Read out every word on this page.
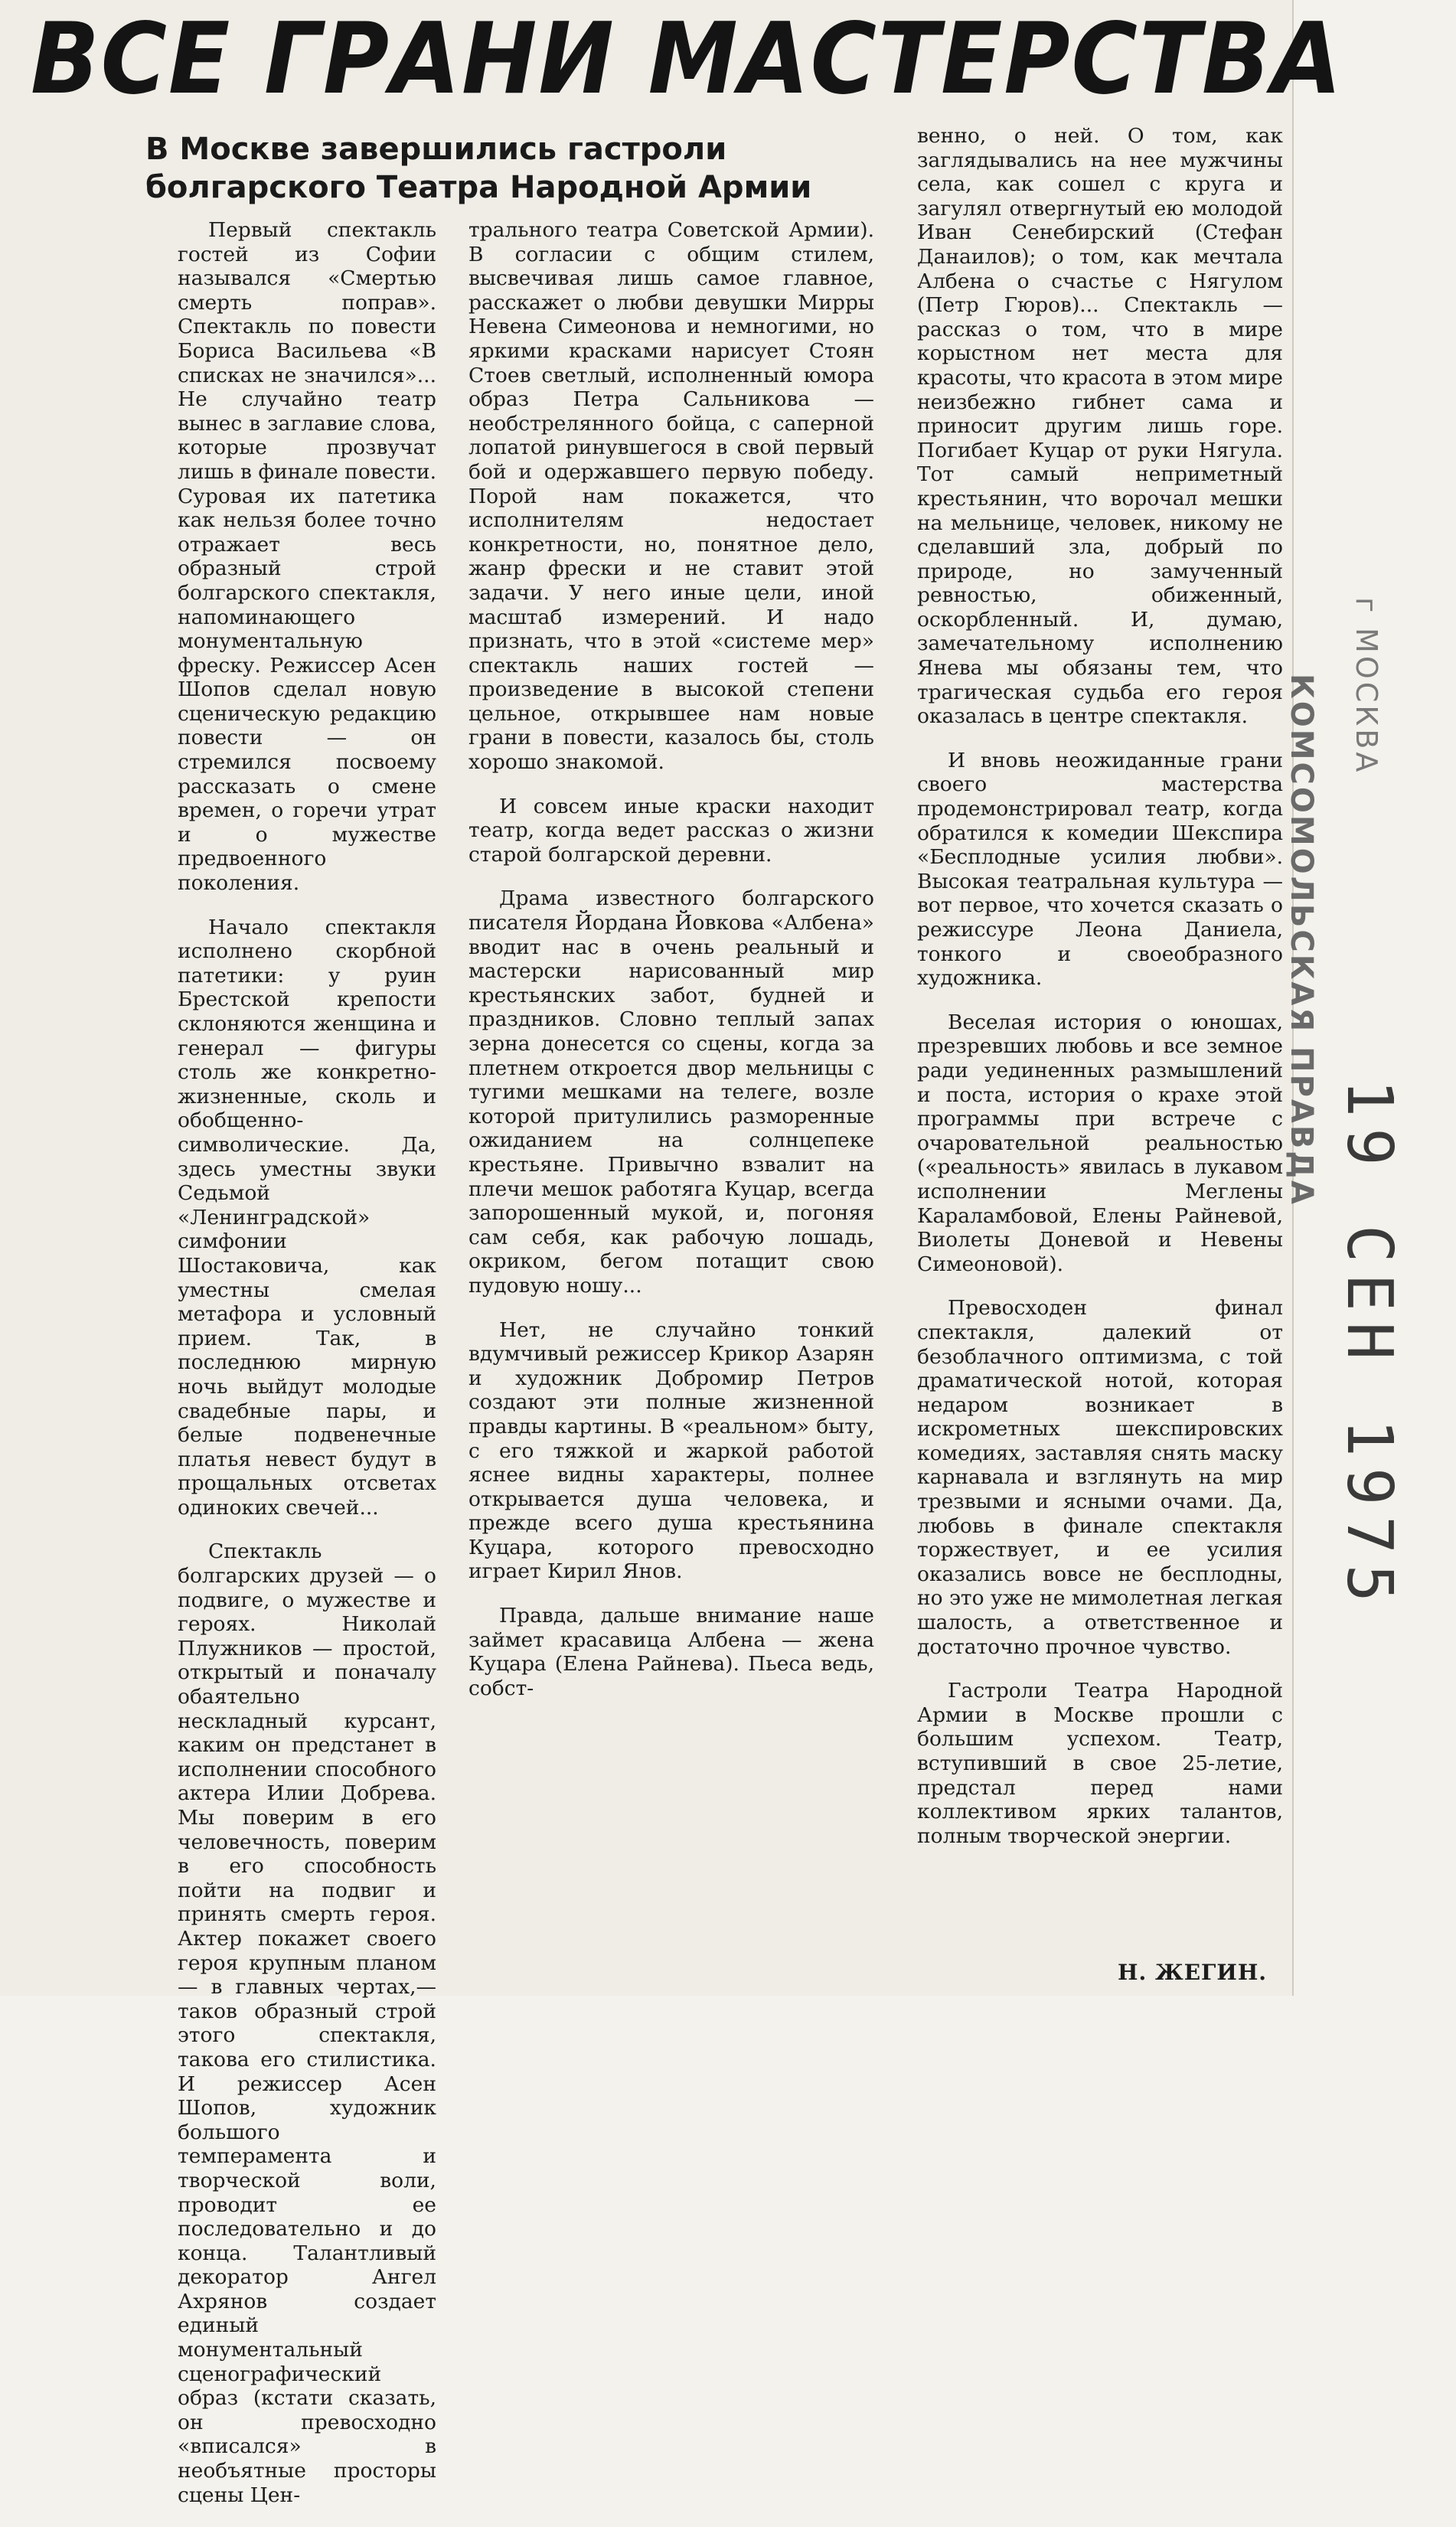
ВСЕ ГРАНИ МАСТЕРСТВА
В Москве завершились гастроли болгарского Театра Народной Армии

Первый спектакль гостей из Софии назывался «Смертью смерть поправ». Спектакль по повести Бориса Васильева «В списках не значился»... Не случайно театр вынес в заглавие слова, которые прозвучат лишь в финале повести. Суровая их патетика как нельзя более точно отражает весь образный строй болгарского спектакля, напоминающего монументальную фреску. Режиссер Асен Шопов сделал новую сценическую редакцию повести — он стремился посвоему рассказать о смене времен, о горечи утрат и о мужестве предвоенного поколения.

Начало спектакля исполнено скорбной патетики: у руин Брестской крепости склоняются женщина и генерал — фигуры столь же конкретно-жизненные, сколь и обобщенно-символические. Да, здесь уместны звуки Седьмой «Ленинградской» симфонии Шостаковича, как уместны смелая метафора и условный прием. Так, в последнюю мирную ночь выйдут молодые свадебные пары, и белые подвенечные платья невест будут в прощальных отсветах одиноких свечей...

Спектакль болгарских друзей — о подвиге, о мужестве и героях. Николай Плужников — простой, открытый и поначалу обаятельно нескладный курсант, каким он предстанет в исполнении способного актера Илии Добрева. Мы поверим в его человечность, поверим в его способность пойти на подвиг и принять смерть героя. Актер покажет своего героя крупным планом — в главных чертах,— таков образный строй этого спектакля, такова его стилистика. И режиссер Асен Шопов, художник большого темперамента и творческой воли, проводит ее последовательно и до конца. Талантливый декоратор Ангел Ахрянов создает единый монументальный сценографический образ (кстати сказать, он превосходно «вписался» в необъятные просторы сцены Цен-

трального театра Советской Армии). В согласии с общим стилем, высвечивая лишь самое главное, расскажет о любви девушки Мирры Невена Симеонова и немногими, но яркими красками нарисует Стоян Стоев светлый, исполненный юмора образ Петра Сальникова — необстрелянного бойца, с саперной лопатой ринувшегося в свой первый бой и одержавшего первую победу. Порой нам покажется, что исполнителям недостает конкретности, но, понятное дело, жанр фрески и не ставит этой задачи. У него иные цели, иной масштаб измерений. И надо признать, что в этой «системе мер» спектакль наших гостей — произведение в высокой степени цельное, открывшее нам новые грани в повести, казалось бы, столь хорошо знакомой.

И совсем иные краски находит театр, когда ведет рассказ о жизни старой болгарской деревни.

Драма известного болгарского писателя Йордана Йовкова «Албена» вводит нас в очень реальный и мастерски нарисованный мир крестьянских забот, будней и праздников. Словно теплый запах зерна донесется со сцены, когда за плетнем откроется двор мельницы с тугими мешками на телеге, возле которой притулились разморенные ожиданием на солнцепеке крестьяне. Привычно взвалит на плечи мешок работяга Куцар, всегда запорошенный мукой, и, погоняя сам себя, как рабочую лошадь, окриком, бегом потащит свою пудовую ношу...

Нет, не случайно тонкий вдумчивый режиссер Крикор Азарян и художник Добромир Петров создают эти полные жизненной правды картины. В «реальном» быту, с его тяжкой и жаркой работой яснее видны характеры, полнее открывается душа человека, и прежде всего душа крестьянина Куцара, которого превосходно играет Кирил Янов.

Правда, дальше внимание наше займет красавица Албена — жена Куцара (Елена Райнева). Пьеса ведь, собст-

венно, о ней. О том, как заглядывались на нее мужчины села, как сошел с круга и загулял отвергнутый ею молодой Иван Сенебирский (Стефан Данаилов); о том, как мечтала Албена о счастье с Нягулом (Петр Гюров)... Спектакль — рассказ о том, что в мире корыстном нет места для красоты, что красота в этом мире неизбежно гибнет сама и приносит другим лишь горе. Погибает Куцар от руки Нягула. Тот самый неприметный крестьянин, что ворочал мешки на мельнице, человек, никому не сделавший зла, добрый по природе, но замученный ревностью, обиженный, оскорбленный. И, думаю, замечательному исполнению Янева мы обязаны тем, что трагическая судьба его героя оказалась в центре спектакля.

И вновь неожиданные грани своего мастерства продемонстрировал театр, когда обратился к комедии Шекспира «Бесплодные усилия любви». Высокая театральная культура — вот первое, что хочется сказать о режиссуре Леона Даниела, тонкого и своеобразного художника.

Веселая история о юношах, презревших любовь и все земное ради уединенных размышлений и поста, история о крахе этой программы при встрече с очаровательной реальностью («реальность» явилась в лукавом исполнении Меглены Караламбовой, Елены Райневой, Виолеты Доневой и Невены Симеоновой).

Превосходен финал спектакля, далекий от безоблачного оптимизма, с той драматической нотой, которая недаром возникает в искрометных шекспировских комедиях, заставляя снять маску карнавала и взглянуть на мир трезвыми и ясными очами. Да, любовь в финале спектакля торжествует, и ее усилия оказались вовсе не бесплодны, но это уже не мимолетная легкая шалость, а ответственное и достаточно прочное чувство.

Гастроли Театра Народной Армии в Москве прошли с большим успехом. Театр, вступивший в свое 25-летие, предстал перед нами коллективом ярких талантов, полным творческой энергии.

Н. ЖЕГИН.
КОМСОМОЛЬСКАЯ ПРАВДА	г МОСКВА
19 СЕН 1975
